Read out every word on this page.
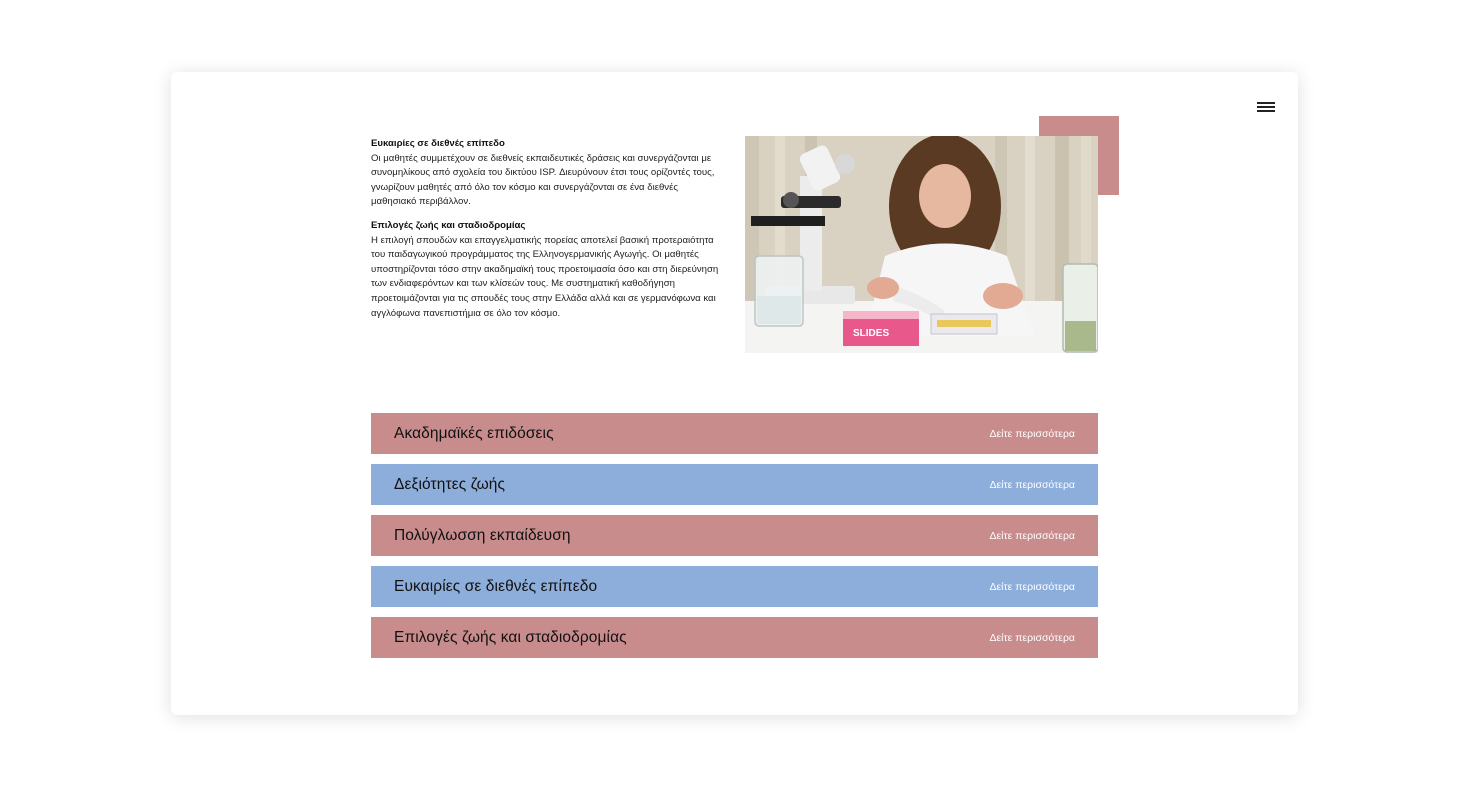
Ευκαιρίες σε διεθνές επίπεδο

Οι μαθητές συμμετέχουν σε διεθνείς εκπαιδευτικές δράσεις και συνεργάζονται με συνομηλίκους από σχολεία του δικτύου ISP. Διευρύνουν έτσι τους ορίζοντές τους, γνωρίζουν μαθητές από όλο τον κόσμο και συνεργάζονται σε ένα διεθνές μαθησιακό περιβάλλον.

Επιλογές ζωής και σταδιοδρομίας

Η επιλογή σπουδών και επαγγελματικής πορείας αποτελεί βασική προτεραιότητα του παιδαγωγικού προγράμματος της Ελληνογερμανικής Αγωγής. Οι μαθητές υποστηρίζονται τόσο στην ακαδημαϊκή τους προετοιμασία όσο και στη διερεύνηση των ενδιαφερόντων και των κλίσεών τους. Με συστηματική καθοδήγηση προετοιμάζονται για τις σπουδές τους στην Ελλάδα αλλά και σε γερμανόφωνα και αγγλόφωνα πανεπιστήμια σε όλο τον κόσμο.

SLIDES
Ακαδημαϊκές επιδόσεις	Δείτε περισσότερα
Δεξιότητες ζωής	Δείτε περισσότερα
Πολύγλωσση εκπαίδευση	Δείτε περισσότερα
Ευκαιρίες σε διεθνές επίπεδο	Δείτε περισσότερα
Επιλογές ζωής και σταδιοδρομίας	Δείτε περισσότερα
